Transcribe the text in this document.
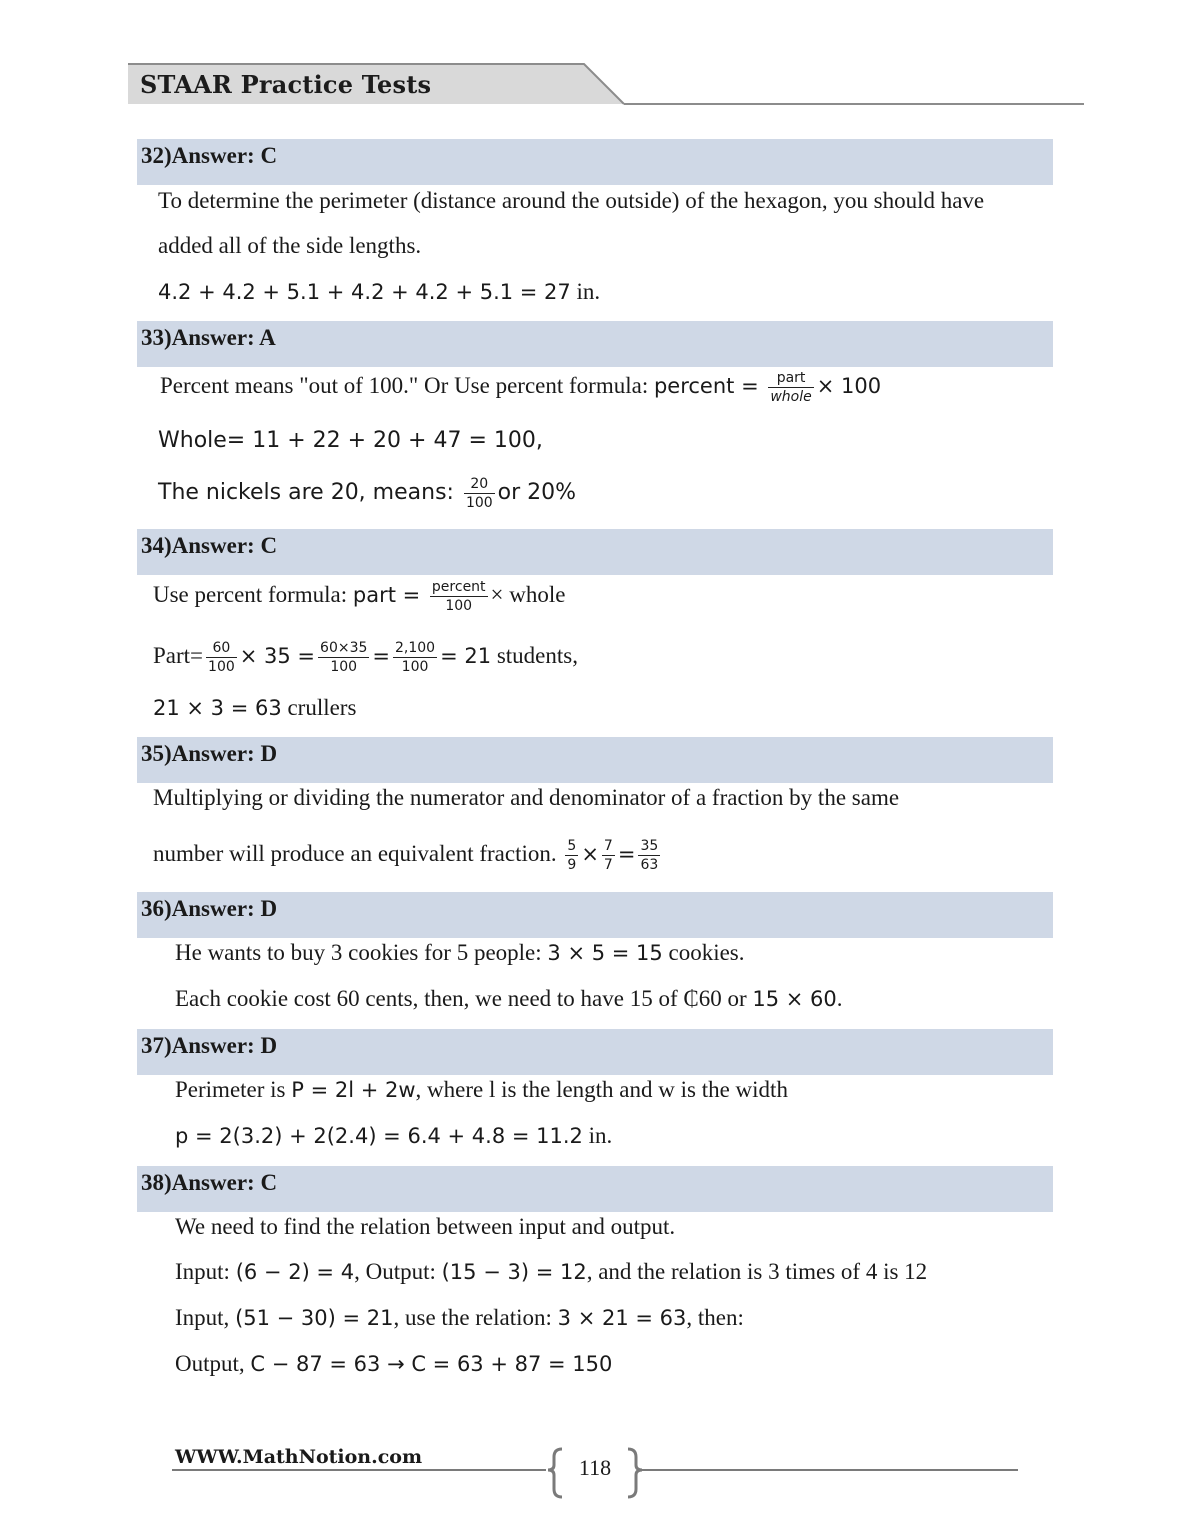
STAAR Practice Tests
32)Answer: C
To determine the perimeter (distance around the outside) of the hexagon, you should have
added all of the side lengths.
4.2 + 4.2 + 5.1 + 4.2 + 4.2 + 5.1 = 27 in.
33)Answer: A
Percent means "out of 100." Or Use percent formula: percent = $\frac{\text{part}}{\text{whole}} \times 100$
Whole= 11 + 22 + 20 + 47 = 100,
The nickels are 20, means: $\frac{20}{100}$ or 20%
34)Answer: C
Use percent formula: part = $\frac{\text{percent}}{100}$ × whole
Part= $\frac{60}{100} \times 35 = \frac{60\times 35}{100} = \frac{2,100}{100} = 21$ students,
21 × 3 = 63 crullers
35)Answer: D
Multiplying or dividing the numerator and denominator of a fraction by the same
number will produce an equivalent fraction. $\frac{5}{9} \times \frac{7}{7} = \frac{35}{63}$
36)Answer: D
He wants to buy 3 cookies for 5 people: 3 × 5 = 15 cookies.
Each cookie cost 60 cents, then, we need to have 15 of ₵60 or 15 × 60.
37)Answer: D
Perimeter is P = 2l + 2w, where l is the length and w is the width
p = 2(3.2) + 2(2.4) = 6.4 + 4.8 = 11.2 in.
38)Answer: C
We need to find the relation between input and output.
Input: (6 − 2) = 4, Output: (15 − 3) = 12, and the relation is 3 times of 4 is 12
Input, (51 − 30) = 21, use the relation: 3 × 21 = 63, then:
Output, C − 87 = 63 → C = 63 + 87 = 150
WWW.MathNotion.com	118
